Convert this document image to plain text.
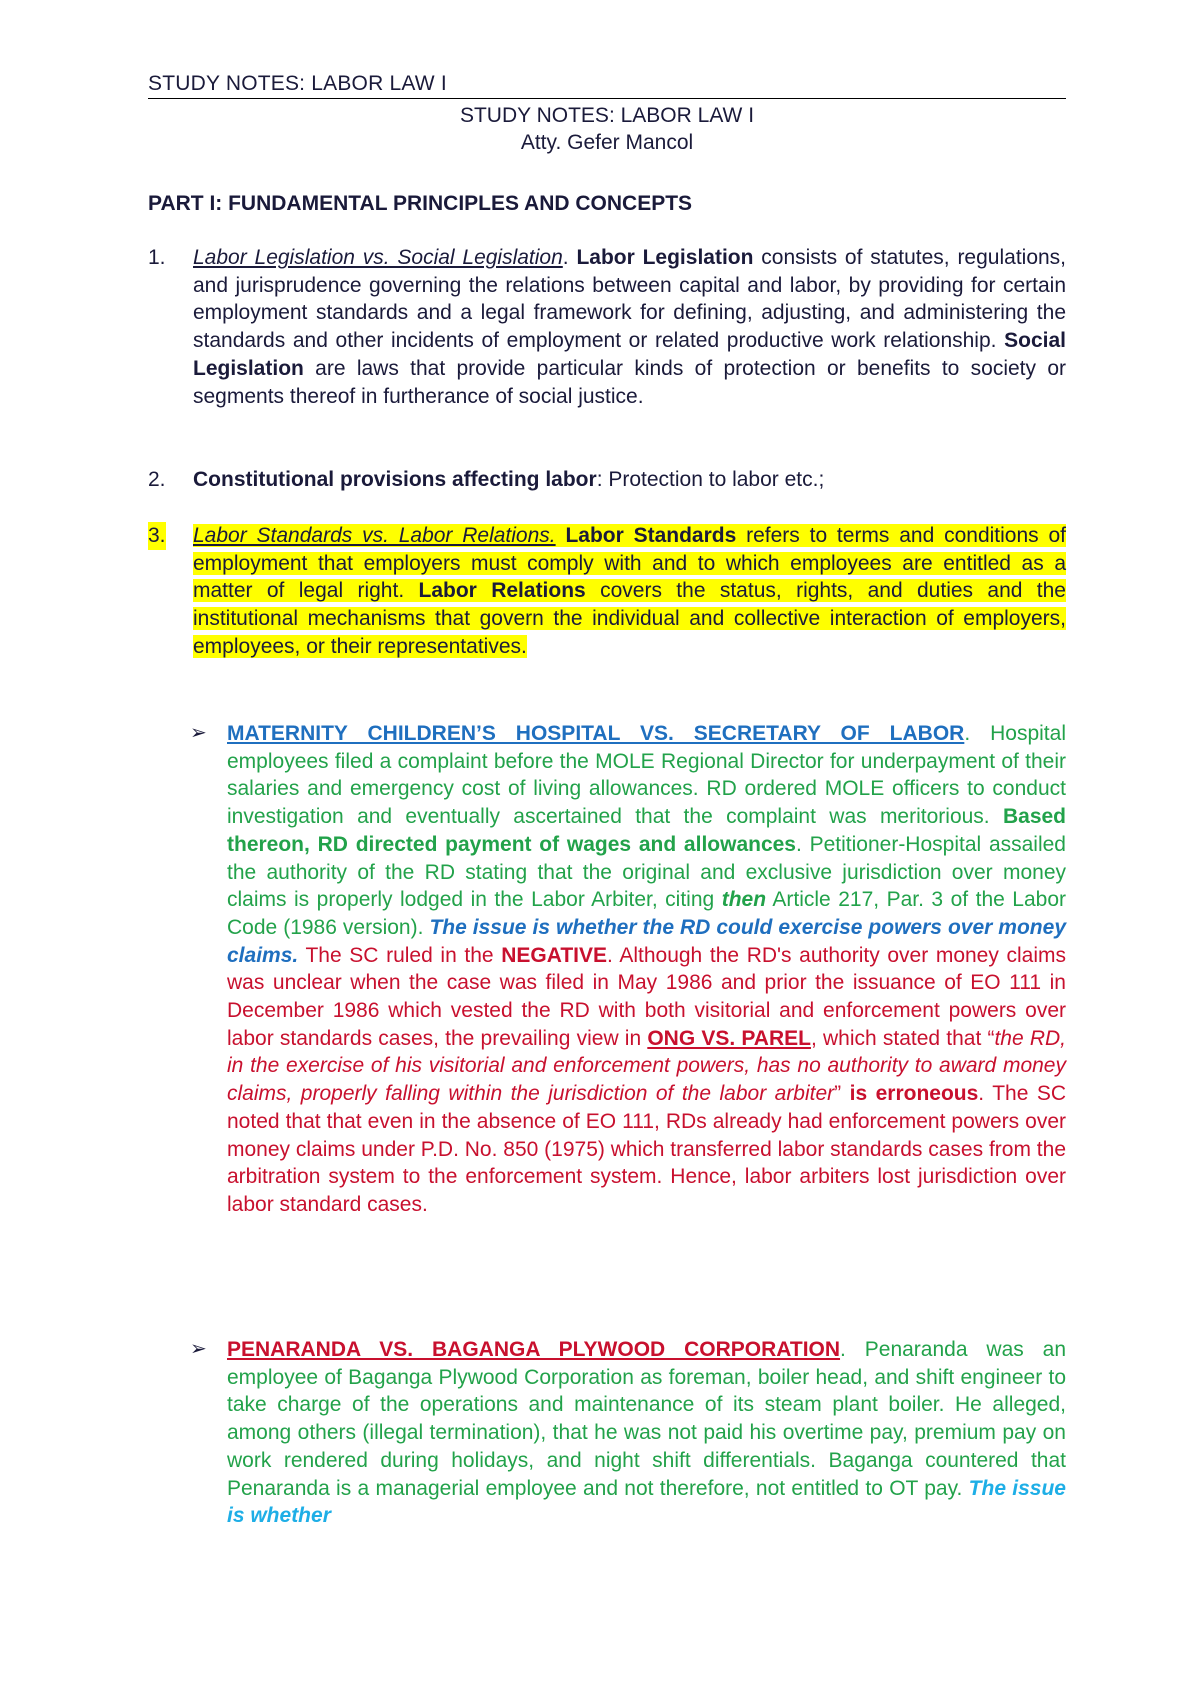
STUDY NOTES: LABOR LAW I
STUDY NOTES: LABOR LAW I
Atty. Gefer Mancol
PART I: FUNDAMENTAL PRINCIPLES AND CONCEPTS
1. Labor Legislation vs. Social Legislation. Labor Legislation consists of statutes, regulations, and jurisprudence governing the relations between capital and labor, by providing for certain employment standards and a legal framework for defining, adjusting, and administering the standards and other incidents of employment or related productive work relationship. Social Legislation are laws that provide particular kinds of protection or benefits to society or segments thereof in furtherance of social justice.
2. Constitutional provisions affecting labor: Protection to labor etc.;
3. Labor Standards vs. Labor Relations. Labor Standards refers to terms and conditions of employment that employers must comply with and to which employees are entitled as a matter of legal right. Labor Relations covers the status, rights, and duties and the institutional mechanisms that govern the individual and collective interaction of employers, employees, or their representatives.
➢ MATERNITY CHILDREN’S HOSPITAL VS. SECRETARY OF LABOR. Hospital employees filed a complaint before the MOLE Regional Director for underpayment of their salaries and emergency cost of living allowances. RD ordered MOLE officers to conduct investigation and eventually ascertained that the complaint was meritorious. Based thereon, RD directed payment of wages and allowances. Petitioner-Hospital assailed the authority of the RD stating that the original and exclusive jurisdiction over money claims is properly lodged in the Labor Arbiter, citing then Article 217, Par. 3 of the Labor Code (1986 version). The issue is whether the RD could exercise powers over money claims. The SC ruled in the NEGATIVE. Although the RD's authority over money claims was unclear when the case was filed in May 1986 and prior the issuance of EO 111 in December 1986 which vested the RD with both visitorial and enforcement powers over labor standards cases, the prevailing view in ONG VS. PAREL, which stated that “the RD, in the exercise of his visitorial and enforcement powers, has no authority to award money claims, properly falling within the jurisdiction of the labor arbiter” is erroneous. The SC noted that that even in the absence of EO 111, RDs already had enforcement powers over money claims under P.D. No. 850 (1975) which transferred labor standards cases from the arbitration system to the enforcement system. Hence, labor arbiters lost jurisdiction over labor standard cases.
➢ PENARANDA VS. BAGANGA PLYWOOD CORPORATION. Penaranda was an employee of Baganga Plywood Corporation as foreman, boiler head, and shift engineer to take charge of the operations and maintenance of its steam plant boiler. He alleged, among others (illegal termination), that he was not paid his overtime pay, premium pay on work rendered during holidays, and night shift differentials. Baganga countered that Penaranda is a managerial employee and not therefore, not entitled to OT pay. The issue is whether
